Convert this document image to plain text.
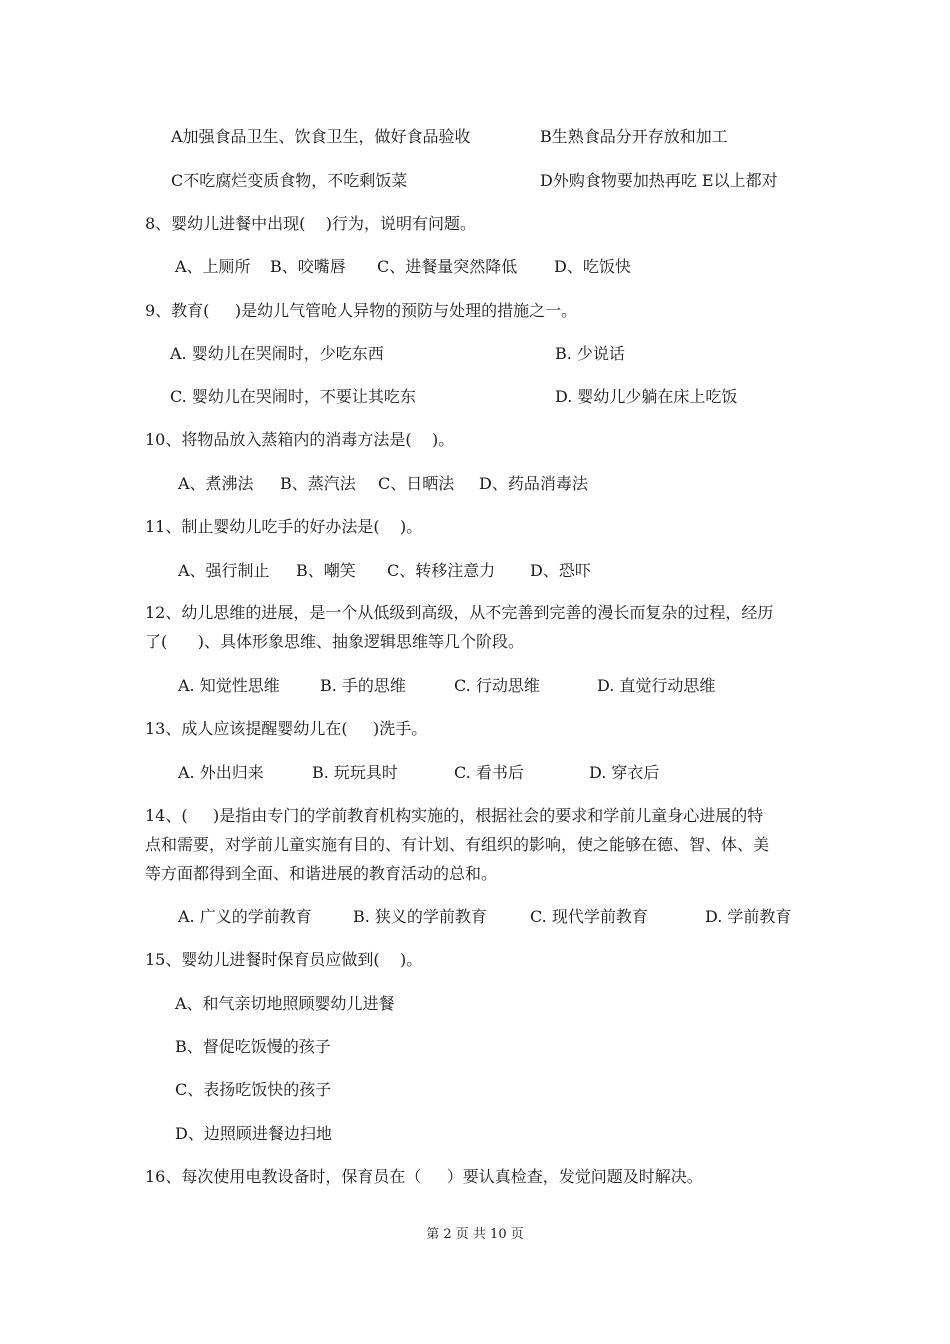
A加强食品卫生、饮食卫生，做好食品验收	B生熟食品分开存放和加工
C不吃腐烂变质食物，不吃剩饭菜	D外购食物要加热再吃 E以上都对
8、婴幼儿进餐中出现(    )行为，说明有问题。
A、上厕所 B、咬嘴唇 C、进餐量突然降低 D、吃饭快
9、教育(     )是幼儿气管呛人异物的预防与处理的措施之一。
A. 婴幼儿在哭闹时，少吃东西	B. 少说话
C. 婴幼儿在哭闹时，不要让其吃东	D. 婴幼儿少躺在床上吃饭
10、将物品放入蒸箱内的消毒方法是(    )。
A、煮沸法 B、蒸汽法 C、日晒法 D、药品消毒法
11、制止婴幼儿吃手的好办法是(    )。
A、强行制止 B、嘲笑 C、转移注意力 D、恐吓
12、幼儿思维的进展，是一个从低级到高级，从不完善到完善的漫长而复杂的过程，经历
了(      )、具体形象思维、抽象逻辑思维等几个阶段。
A. 知觉性思维	B. 手的思维	C. 行动思维	D. 直觉行动思维
13、成人应该提醒婴幼儿在(     )洗手。
A. 外出归来	B. 玩玩具时	C. 看书后	D. 穿衣后
14、(     )是指由专门的学前教育机构实施的，根据社会的要求和学前儿童身心进展的特
点和需要，对学前儿童实施有目的、有计划、有组织的影响，使之能够在德、智、体、美
等方面都得到全面、和谐进展的教育活动的总和。
A. 广义的学前教育	B. 狭义的学前教育	C. 现代学前教育	D. 学前教育
15、婴幼儿进餐时保育员应做到(    )。
A、和气亲切地照顾婴幼儿进餐
B、督促吃饭慢的孩子
C、表扬吃饭快的孩子
D、边照顾进餐边扫地
16、每次使用电教设备时，保育员在（     ）要认真检查，发觉问题及时解决。
第 2 页 共 10 页
